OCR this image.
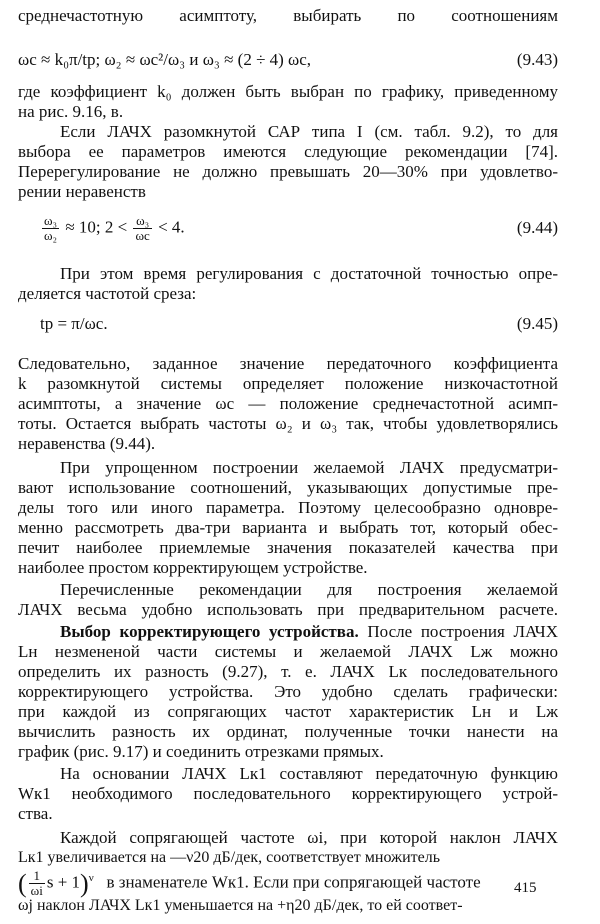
среднечастотную асимптоту, выбирать по соотношениям
ωс ≈ k₀π/tр; ω₂ ≈ ωс²/ω₃ и ω₃ ≈ (2 ÷ 4) ωс,	(9.43)
где коэффициент k₀ должен быть выбран по графику, приведенному
на рис. 9.16, в.
Если ЛАЧХ разомкнутой САР типа I (см. табл. 9.2), то для
выбора ее параметров имеются следующие рекомендации [74].
Перерегулирование не должно превышать 20—30% при удовлетво-
рении неравенств
$\frac{\text{ω₃}}{\text{ω₂}} \approx 10$; $2 < \frac{\text{ω₃}}{\omega с} < 4$.	(9.44)
При этом время регулирования с достаточной точностью опре-
деляется частотой среза:
tр = π/ωс.	(9.45)
Следовательно, заданное значение передаточного коэффициента
k разомкнутой системы определяет положение низкочастотной
асимптоты, а значение ωс — положение среднечастотной асимп-
тоты. Остается выбрать частоты ω₂ и ω₃ так, чтобы удовлетворялись
неравенства (9.44).
При упрощенном построении желаемой ЛАЧХ предусматри-
вают использование соотношений, указывающих допустимые пре-
делы того или иного параметра. Поэтому целесообразно одновре-
менно рассмотреть два-три варианта и выбрать тот, который обес-
печит наиболее приемлемые значения показателей качества при
наиболее простом корректирующем устройстве.
Перечисленные рекомендации для построения желаемой
ЛАЧХ весьма удобно использовать при предварительном расчете.
Выбор корректирующего устройства. После построения ЛАЧХ
Lн незмененой части системы и желаемой ЛАЧХ Lж можно
определить их разность (9.27), т. е. ЛАЧХ Lк последовательного
корректирующего устройства. Это удобно сделать графически:
при каждой из сопрягающих частот характеристик Lн и Lж
вычислить разность их ординат, полученные точки нанести на
график (рис. 9.17) и соединить отрезками прямых.
На основании ЛАЧХ Lк1 составляют передаточную функцию
Wк1 необходимого последовательного корректирующего устрой-
ства.
Каждой сопрягающей частоте ωi, при которой наклон ЛАЧХ
Lк1 увеличивается на —ν20 дБ/дек, соответствует множитель
( $\frac{1}{\omega i}$ s + 1)$^\nu$ в знаменателе Wк1. Если при сопрягающей частоте
ωj наклон ЛАЧХ Lк1 уменьшается на +η20 дБ/дек, то ей соответ-
415
